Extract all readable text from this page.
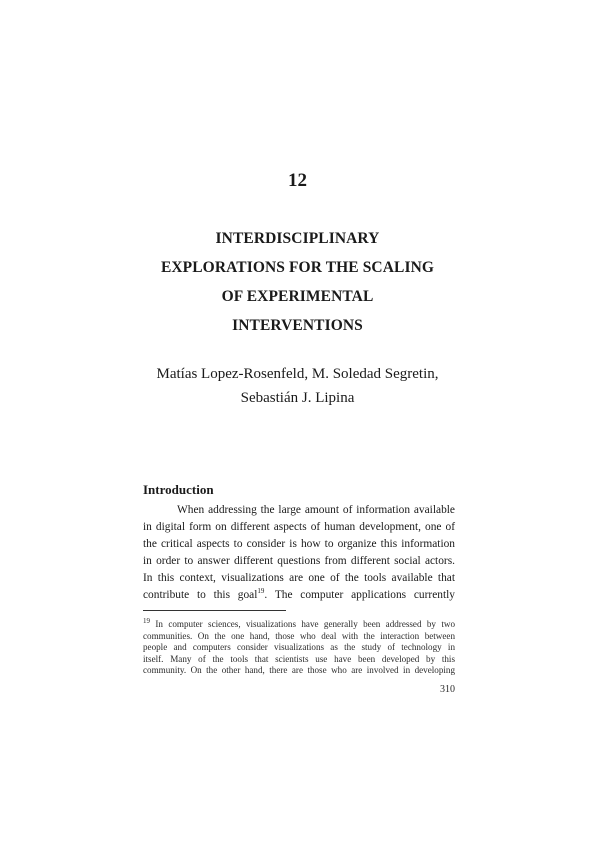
12
INTERDISCIPLINARY
EXPLORATIONS FOR THE SCALING
OF EXPERIMENTAL
INTERVENTIONS
Matías Lopez-Rosenfeld, M. Soledad Segretin,
Sebastián J. Lipina
Introduction
When addressing the large amount of information available
in digital form on different aspects of human development, one of
the critical aspects to consider is how to organize this information
in order to answer different questions from different social actors.
In this context, visualizations are one of the tools available that
contribute to this goal$^{19}$. The computer applications currently
$^{19}$ In computer sciences, visualizations have generally been addressed by two
communities. On the one hand, those who deal with the interaction between
people and computers consider visualizations as the study of technology in
itself. Many of the tools that scientists use have been developed by this
community. On the other hand, there are those who are involved in developing
310
